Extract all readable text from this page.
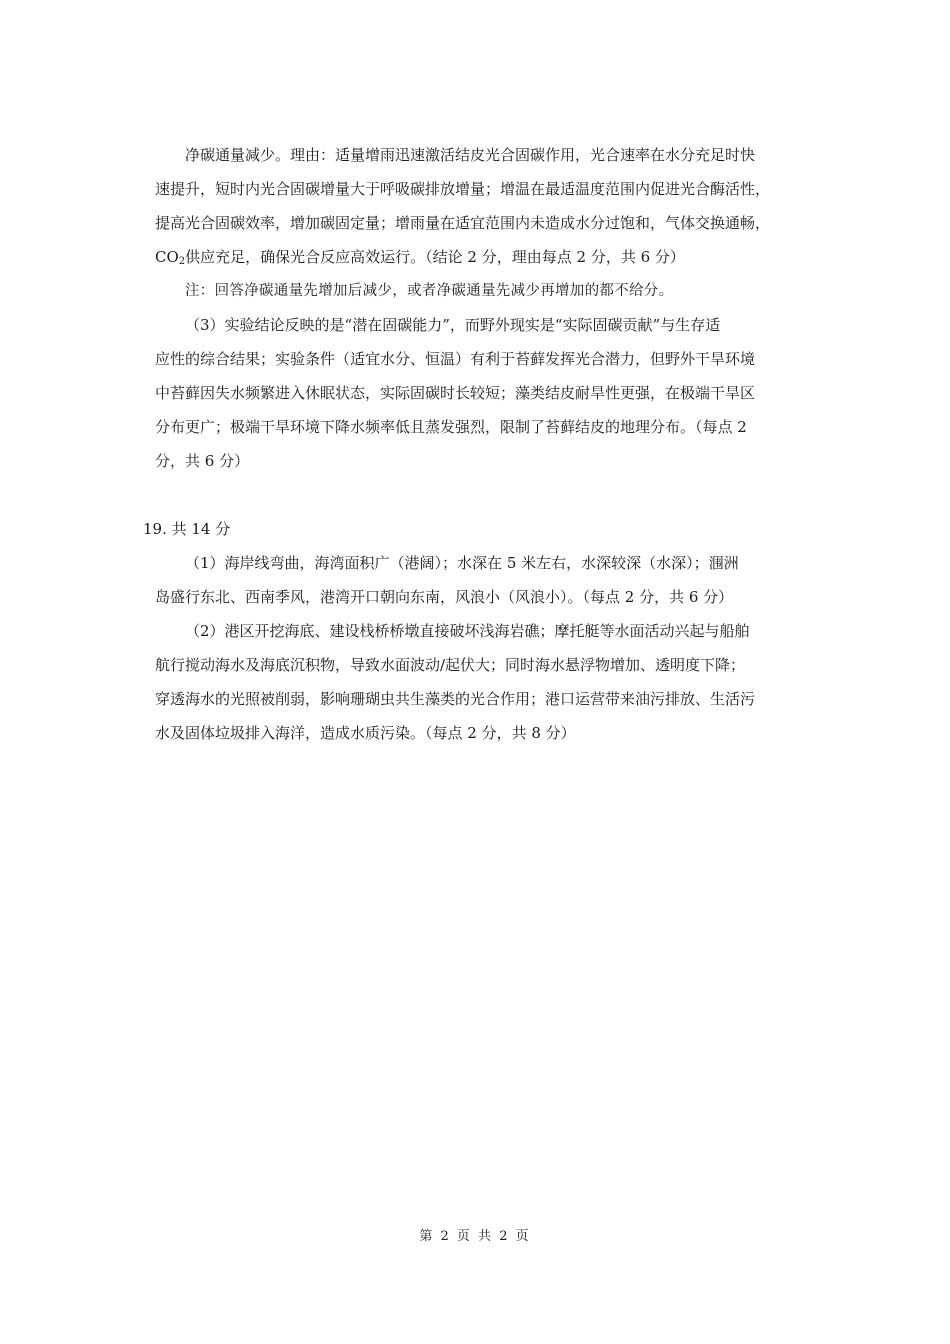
净碳通量减少。理由：适量增雨迅速激活结皮光合固碳作用，光合速率在水分充足时快
速提升，短时内光合固碳增量大于呼吸碳排放增量；增温在最适温度范围内促进光合酶活性，
提高光合固碳效率，增加碳固定量；增雨量在适宜范围内未造成水分过饱和，气体交换通畅，
$CO_2$供应充足，确保光合反应高效运行。（结论 2 分，理由每点 2 分，共 6 分）
注：回答净碳通量先增加后减少，或者净碳通量先减少再增加的都不给分。
（3）实验结论反映的是“潜在固碳能力”，而野外现实是“实际固碳贡献”与生存适
应性的综合结果；实验条件（适宜水分、恒温）有利于苔藓发挥光合潜力，但野外干旱环境
中苔藓因失水频繁进入休眠状态，实际固碳时长较短；藻类结皮耐旱性更强，在极端干旱区
分布更广；极端干旱环境下降水频率低且蒸发强烈，限制了苔藓结皮的地理分布。（每点 2
分，共 6 分）
19. 共 14 分
（1）海岸线弯曲，海湾面积广（港阔）；水深在 5 米左右，水深较深（水深）；涠洲
岛盛行东北、西南季风，港湾开口朝向东南，风浪小（风浪小）。（每点 2 分，共 6 分）
（2）港区开挖海底、建设栈桥桥墩直接破坏浅海岩礁；摩托艇等水面活动兴起与船舶
航行搅动海水及海底沉积物，导致水面波动/起伏大；同时海水悬浮物增加、透明度下降；
穿透海水的光照被削弱，影响珊瑚虫共生藻类的光合作用；港口运营带来油污排放、生活污
水及固体垃圾排入海洋，造成水质污染。（每点 2 分，共 8 分）
第 2 页 共 2 页
